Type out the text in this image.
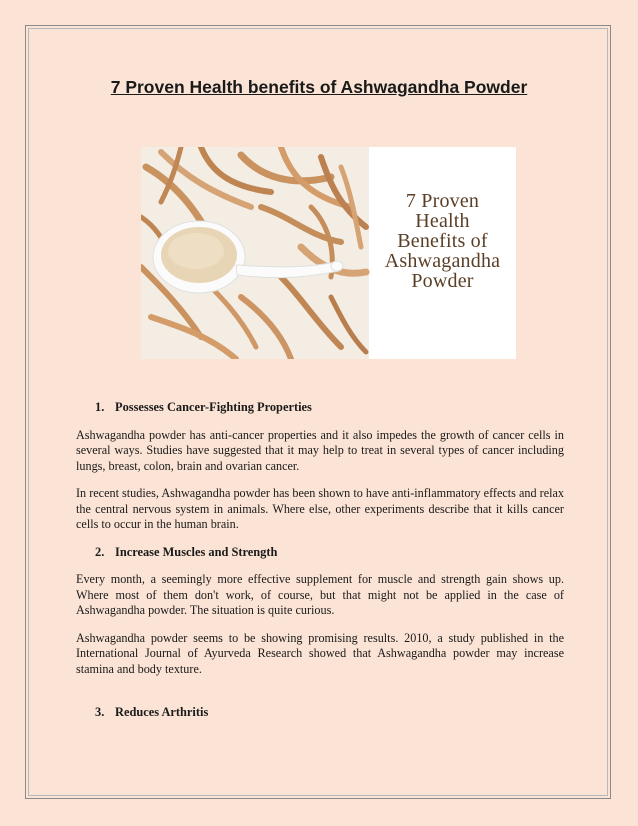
7 Proven Health benefits of Ashwagandha Powder
7 Proven
Health
Benefits of
Ashwagandha
Powder

1. Possesses Cancer-Fighting Properties

Ashwagandha powder has anti-cancer properties and it also impedes the growth of cancer cells in several ways. Studies have suggested that it may help to treat in several types of cancer including lungs, breast, colon, brain and ovarian cancer.

In recent studies, Ashwagandha powder has been shown to have anti-inflammatory effects and relax the central nervous system in animals. Where else, other experiments describe that it kills cancer cells to occur in the human brain.

2. Increase Muscles and Strength

Every month, a seemingly more effective supplement for muscle and strength gain shows up. Where most of them don't work, of course, but that might not be applied in the case of Ashwagandha powder. The situation is quite curious.

Ashwagandha powder seems to be showing promising results. 2010, a study published in the International Journal of Ayurveda Research showed that Ashwagandha powder may increase stamina and body texture.

3. Reduces Arthritis
